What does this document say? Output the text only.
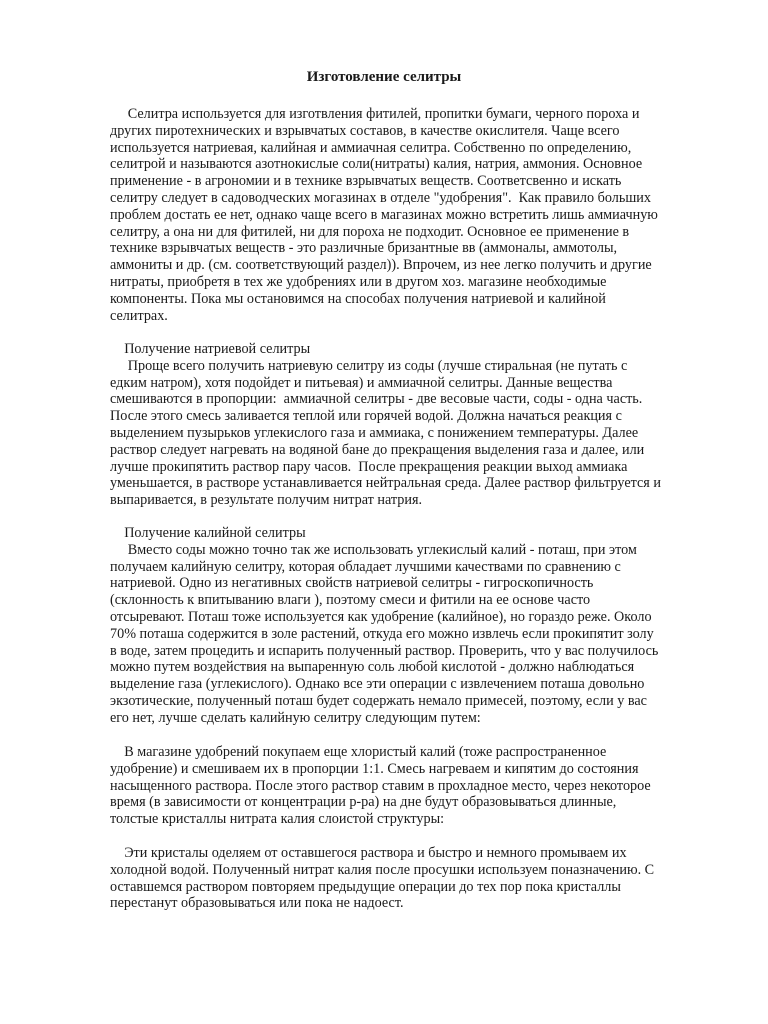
Изготовление селитры
Селитра используется для изготвления фитилей, пропитки бумаги, черного пороха и
других пиротехнических и взрывчатых составов, в качестве окислителя. Чаще всего
используется натриевая, калийная и аммиачная селитра. Собственно по определению,
селитрой и называются азотнокислые соли(нитраты) калия, натрия, аммония. Основное
применение - в агрономии и в технике взрывчатых веществ. Соответсвенно и искать
селитру следует в садоводческих могазинах в отделе "удобрения".  Как правило больших
проблем достать ее нет, однако чаще всего в магазинах можно встретить лишь аммиачную
селитру, а она ни для фитилей, ни для пороха не подходит. Основное ее применение в
технике взрывчатых веществ - это различные бризантные вв (аммоналы, аммотолы,
аммониты и др. (см. соответствующий раздел)). Впрочем, из нее легко получить и другие
нитраты, приобретя в тех же удобрениях или в другом хоз. магазине необходимые
компоненты. Пока мы остановимся на способах получения натриевой и калийной
селитрах.
Получение натриевой селитры
Проще всего получить натриевую селитру из соды (лучше стиральная (не путать с
едким натром), хотя подойдет и питьевая) и аммиачной селитры. Данные вещества
смешиваются в пропорции:  аммиачной селитры - две весовые части, соды - одна часть.
После этого смесь заливается теплой или горячей водой. Должна начаться реакция с
выделением пузырьков углекислого газа и аммиака, с понижением температуры. Далее
раствор следует нагревать на водяной бане до прекращения выделения газа и далее, или
лучше прокипятить раствор пару часов.  После прекращения реакции выход аммиака
уменьшается, в растворе устанавливается нейтральная среда. Далее раствор фильтруется и
выпаривается, в результате получим нитрат натрия.
Получение калийной селитры
Вместо соды можно точно так же использовать углекислый калий - поташ, при этом
получаем калийную селитру, которая обладает лучшими качествами по сравнению с
натриевой. Одно из негативных свойств натриевой селитры - гигроскопичность
(склонность к впитыванию влаги ), поэтому смеси и фитили на ее основе часто
отсыревают. Поташ тоже используется как удобрение (калийное), но гораздо реже. Около
70% поташа содержится в золе растений, откуда его можно извлечь если прокипятит золу
в воде, затем процедить и испарить полученный раствор. Проверить, что у вас получилось
можно путем воздействия на выпаренную соль любой кислотой - должно наблюдаться
выделение газа (углекислого). Однако все эти операции с извлечением поташа довольно
экзотические, полученный поташ будет содержать немало примесей, поэтому, если у вас
его нет, лучше сделать калийную селитру следующим путем:
В магазине удобрений покупаем еще хлористый калий (тоже распространенное
удобрение) и смешиваем их в пропорции 1:1. Смесь нагреваем и кипятим до состояния
насыщенного раствора. После этого раствор ставим в прохладное место, через некоторое
время (в зависимости от концентрации р-ра) на дне будут образовываться длинные,
толстые кристаллы нитрата калия слоистой структуры:
Эти кристалы оделяем от оставшегося раствора и быстро и немного промываем их
холодной водой. Полученный нитрат калия после просушки используем поназначению. С
оставшемся раствором повторяем предыдущие операции до тех пор пока кристаллы
перестанут образовываться или пока не надоест.
